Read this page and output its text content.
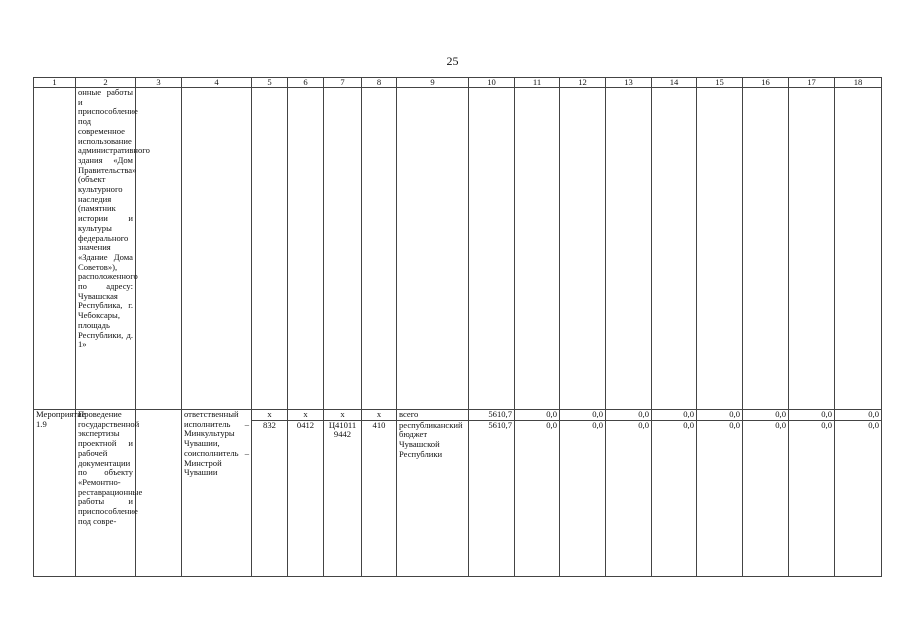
25
1	2	3	4	5	6	7	8	9	10	11	12	13	14	15	16	17	18
	онные работы и приспособление под современное использование административного здания «Дом Правительства» (объект культурного наследия (памятник истории и культуры федерального значения «Здание Дома Советов»), расположенного по адресу: Чувашская Республика, г. Чебоксары, площадь Республики, д. 1»																
Мероприятие 1.9	Проведение государственной экспертизы проектной и рабочей документации по объекту «Ремонтно-реставрационные работы и приспособление под совре-		ответственный исполнитель – Минкультуры Чувашии, соисполнитель – Минстрой Чувашии	x	x	x	x	всего	5610,7	0,0	0,0	0,0	0,0	0,0	0,0	0,0	0,0
				832	0412	Ц41011 9442	410	республиканский бюджет Чувашской Республики	5610,7	0,0	0,0	0,0	0,0	0,0	0,0	0,0	0,0
